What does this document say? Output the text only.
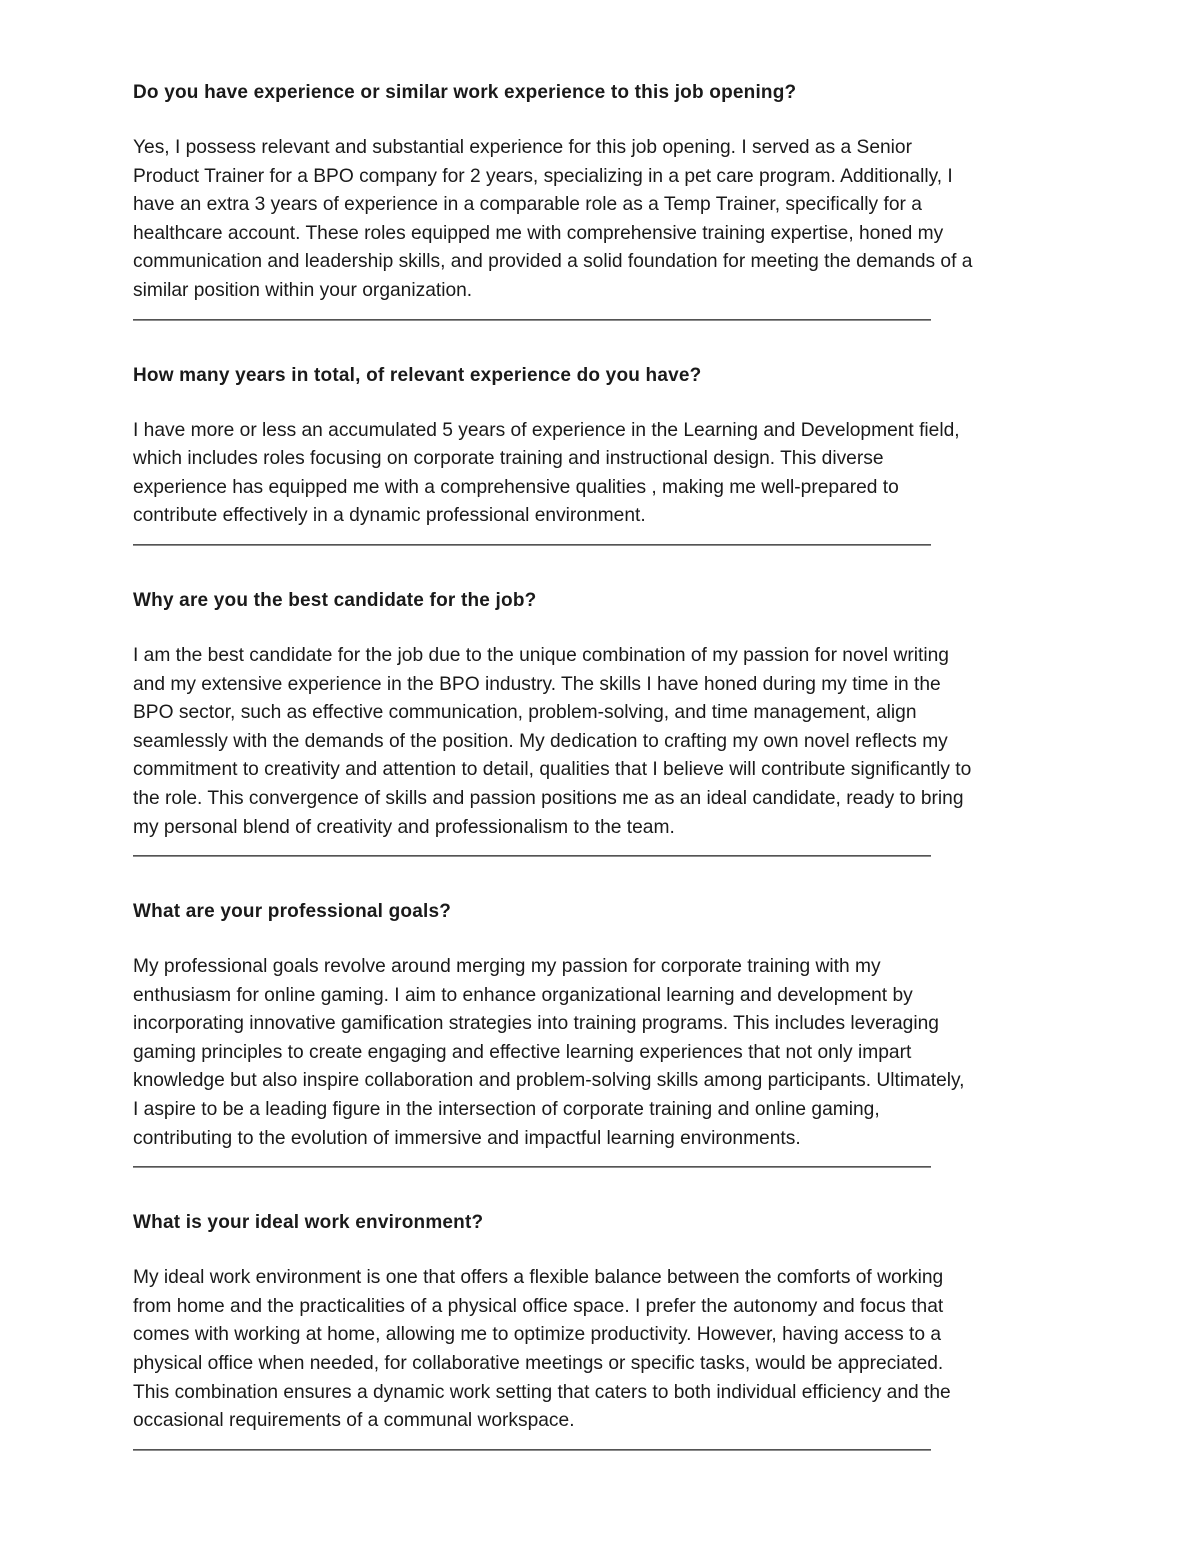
Do you have experience or similar work experience to this job opening?

Yes, I possess relevant and substantial experience for this job opening. I served as a Senior
Product Trainer for a BPO company for 2 years, specializing in a pet care program. Additionally, I
have an extra 3 years of experience in a comparable role as a Temp Trainer, specifically for a
healthcare account. These roles equipped me with comprehensive training expertise, honed my
communication and leadership skills, and provided a solid foundation for meeting the demands of a
similar position within your organization.

——————————————————————————————————————————

How many years in total, of relevant experience do you have?

I have more or less an accumulated 5 years of experience in the Learning and Development field,
which includes roles focusing on corporate training and instructional design. This diverse
experience has equipped me with a comprehensive qualities , making me well-prepared to
contribute effectively in a dynamic professional environment.

——————————————————————————————————————————

Why are you the best candidate for the job?

I am the best candidate for the job due to the unique combination of my passion for novel writing
and my extensive experience in the BPO industry. The skills I have honed during my time in the
BPO sector, such as effective communication, problem-solving, and time management, align
seamlessly with the demands of the position. My dedication to crafting my own novel reflects my
commitment to creativity and attention to detail, qualities that I believe will contribute significantly to
the role. This convergence of skills and passion positions me as an ideal candidate, ready to bring
my personal blend of creativity and professionalism to the team.

——————————————————————————————————————————

What are your professional goals?

My professional goals revolve around merging my passion for corporate training with my
enthusiasm for online gaming. I aim to enhance organizational learning and development by
incorporating innovative gamification strategies into training programs. This includes leveraging
gaming principles to create engaging and effective learning experiences that not only impart
knowledge but also inspire collaboration and problem-solving skills among participants. Ultimately,
I aspire to be a leading figure in the intersection of corporate training and online gaming,
contributing to the evolution of immersive and impactful learning environments.

——————————————————————————————————————————

What is your ideal work environment?

My ideal work environment is one that offers a flexible balance between the comforts of working
from home and the practicalities of a physical office space. I prefer the autonomy and focus that
comes with working at home, allowing me to optimize productivity. However, having access to a
physical office when needed, for collaborative meetings or specific tasks, would be appreciated.
This combination ensures a dynamic work setting that caters to both individual efficiency and the
occasional requirements of a communal workspace.

——————————————————————————————————————————
